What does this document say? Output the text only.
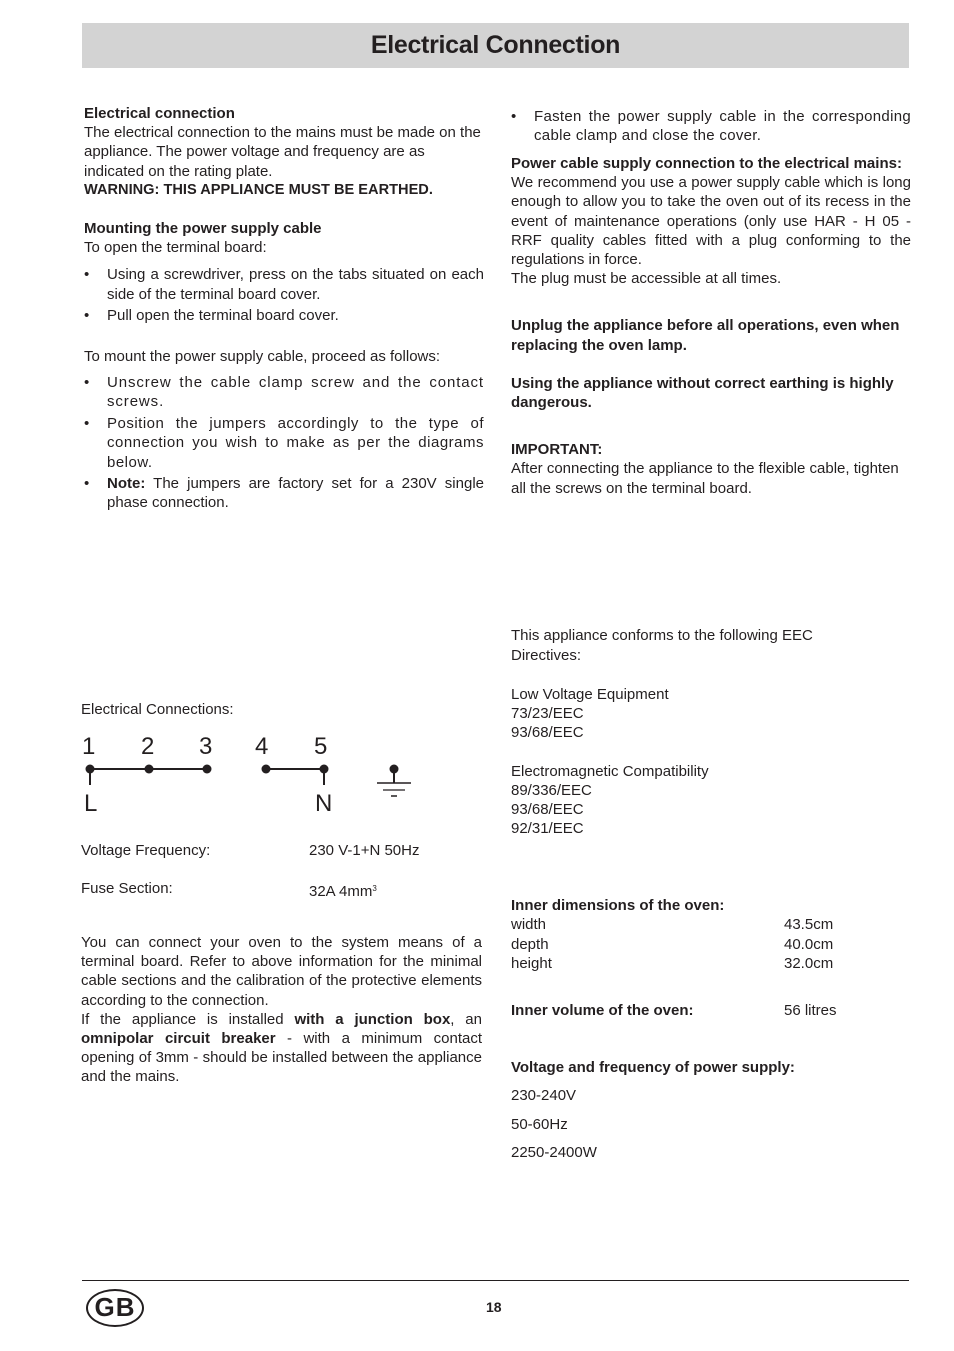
Electrical Connection
Electrical connection
The electrical connection to the mains must be made on the appliance. The power voltage and frequency are as indicated on the rating plate.
WARNING: THIS APPLIANCE MUST BE EARTHED.
Mounting the power supply cable
To open the terminal board:
• Using a screwdriver, press on the tabs situated on each side of the terminal board cover.
• Pull open the terminal board cover.
To mount the power supply cable, proceed as follows:
• Unscrew the cable clamp screw and the contact screws.
• Position the jumpers accordingly to the type of connection you wish to make as per the diagrams below.
• Note: The jumpers are factory set for a 230V single phase connection.
Electrical Connections:
1 2 3 4 5
L	N
Voltage Frequency:	230 V-1+N 50Hz
Fuse Section:	32A $4mm^3$
You can connect your oven to the system means of a terminal board. Refer to above information for the minimal cable sections and the calibration of the protective elements according to the connection.
If the appliance is installed with a junction box, an omnipolar circuit breaker - with a minimum contact opening of 3mm - should be installed between the appliance and the mains.
• Fasten the power supply cable in the corresponding cable clamp and close the cover.
Power cable supply connection to the electrical mains:
We recommend you use a power supply cable which is long enough to allow you to take the oven out of its recess in the event of maintenance operations (only use HAR - H 05 - RRF quality cables fitted with a plug conforming to the regulations in force.
The plug must be accessible at all times.
Unplug the appliance before all operations, even when replacing the oven lamp.
Using the appliance without correct earthing is highly dangerous.
IMPORTANT:
After connecting the appliance to the flexible cable, tighten all the screws on the terminal board.
This appliance conforms to the following EEC Directives:
Low Voltage Equipment
73/23/EEC
93/68/EEC
Electromagnetic Compatibility
89/336/EEC
93/68/EEC
92/31/EEC
Inner dimensions of the oven:
width	43.5cm
depth	40.0cm
height	32.0cm
Inner volume of the oven:	56 litres
Voltage and frequency of power supply:
230-240V
50-60Hz
2250-2400W
GB	18
